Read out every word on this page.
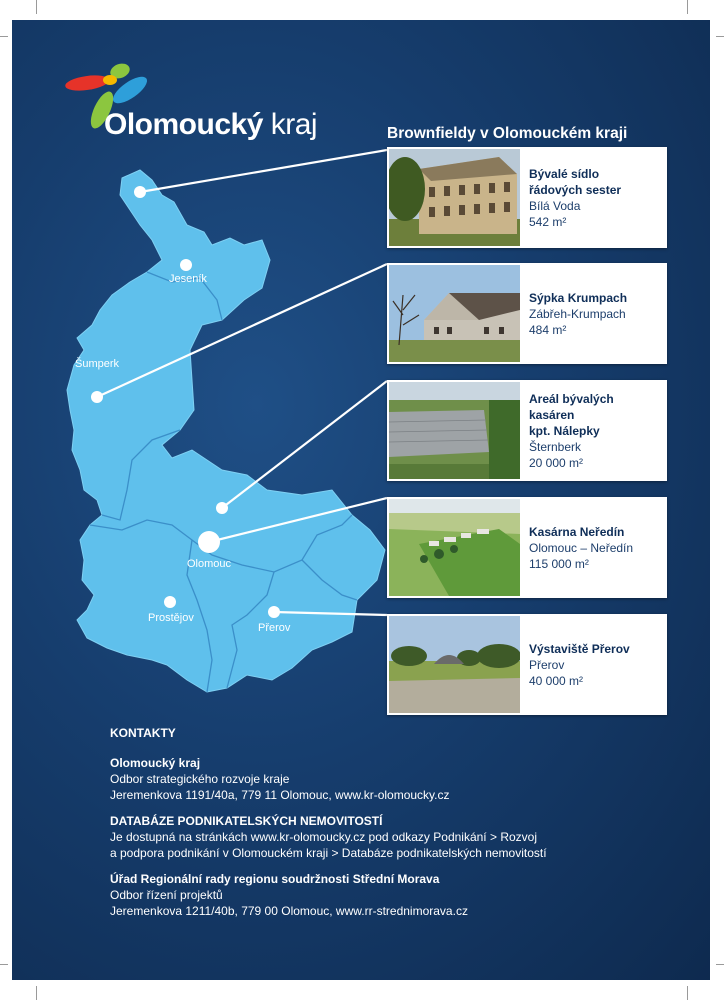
Olomoucký kraj	Brownfieldy v Olomouckém kraji
Jeseník
Šumperk
Olomouc
Prostějov
Přerov
Bývalé sídlo
řádových sester
Bílá Voda
542 m²
Sýpka Krumpach
Zábřeh-Krumpach
484 m²
Areál bývalých kasáren
kpt. Nálepky
Šternberk
20 000 m²
Kasárna Neředín
Olomouc – Neředín
115 000 m²
Výstaviště Přerov
Přerov
40 000 m²
KONTAKTY
Olomoucký kraj
Odbor strategického rozvoje kraje
Jeremenkova 1191/40a, 779 11 Olomouc, www.kr-olomoucky.cz
DATABÁZE PODNIKATELSKÝCH NEMOVITOSTÍ
Je dostupná na stránkách www.kr-olomoucky.cz pod odkazy Podnikání > Rozvoj
a podpora podnikání v Olomouckém kraji > Databáze podnikatelských nemovitostí
Úřad Regionální rady regionu soudržnosti Střední Morava
Odbor řízení projektů
Jeremenkova 1211/40b, 779 00 Olomouc, www.rr-strednimorava.cz
